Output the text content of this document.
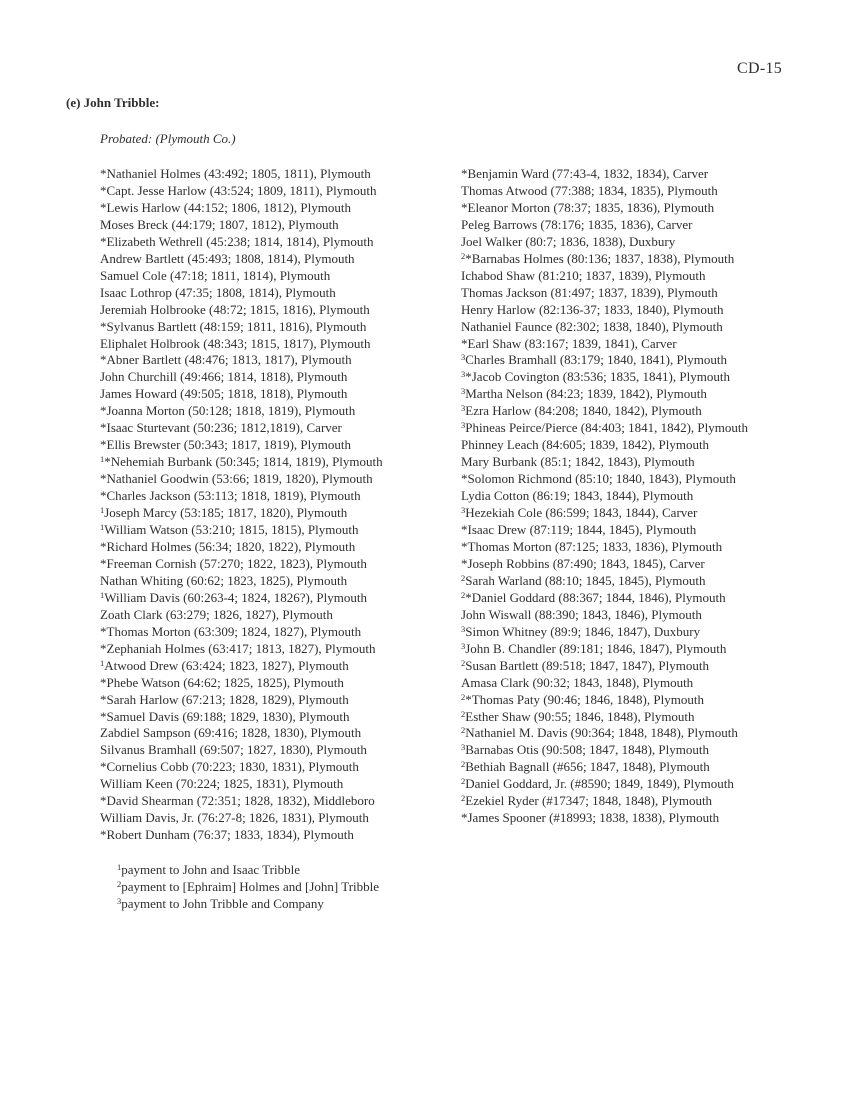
CD-15
(e) John Tribble:
Probated: (Plymouth Co.)
*Nathaniel Holmes (43:492; 1805, 1811), Plymouth
*Capt. Jesse Harlow (43:524; 1809, 1811), Plymouth
*Lewis Harlow (44:152; 1806, 1812), Plymouth
Moses Breck (44:179; 1807, 1812), Plymouth
*Elizabeth Wethrell (45:238; 1814, 1814), Plymouth
Andrew Bartlett (45:493; 1808, 1814), Plymouth
Samuel Cole (47:18; 1811, 1814), Plymouth
Isaac Lothrop (47:35; 1808, 1814), Plymouth
Jeremiah Holbrooke (48:72; 1815, 1816), Plymouth
*Sylvanus Bartlett (48:159; 1811, 1816), Plymouth
Eliphalet Holbrook (48:343; 1815, 1817), Plymouth
*Abner Bartlett (48:476; 1813, 1817), Plymouth
John Churchill (49:466; 1814, 1818), Plymouth
James Howard (49:505; 1818, 1818), Plymouth
*Joanna Morton (50:128; 1818, 1819), Plymouth
*Isaac Sturtevant (50:236; 1812,1819), Carver
*Ellis Brewster (50:343; 1817, 1819), Plymouth
$^1$*Nehemiah Burbank (50:345; 1814, 1819), Plymouth
*Nathaniel Goodwin (53:66; 1819, 1820), Plymouth
*Charles Jackson (53:113; 1818, 1819), Plymouth
$^1$Joseph Marcy (53:185; 1817, 1820), Plymouth
$^1$William Watson (53:210; 1815, 1815), Plymouth
*Richard Holmes (56:34; 1820, 1822), Plymouth
*Freeman Cornish (57:270; 1822, 1823), Plymouth
Nathan Whiting (60:62; 1823, 1825), Plymouth
$^1$William Davis (60:263-4; 1824, 1826?), Plymouth
Zoath Clark (63:279; 1826, 1827), Plymouth
*Thomas Morton (63:309; 1824, 1827), Plymouth
*Zephaniah Holmes (63:417; 1813, 1827), Plymouth
$^1$Atwood Drew (63:424; 1823, 1827), Plymouth
*Phebe Watson (64:62; 1825, 1825), Plymouth
*Sarah Harlow (67:213; 1828, 1829), Plymouth
*Samuel Davis (69:188; 1829, 1830), Plymouth
Zabdiel Sampson (69:416; 1828, 1830), Plymouth
Silvanus Bramhall (69:507; 1827, 1830), Plymouth
*Cornelius Cobb (70:223; 1830, 1831), Plymouth
William Keen (70:224; 1825, 1831), Plymouth
*David Shearman (72:351; 1828, 1832), Middleboro
William Davis, Jr. (76:27-8; 1826, 1831), Plymouth
*Robert Dunham (76:37; 1833, 1834), Plymouth
*Benjamin Ward (77:43-4, 1832, 1834), Carver
Thomas Atwood (77:388; 1834, 1835), Plymouth
*Eleanor Morton (78:37; 1835, 1836), Plymouth
Peleg Barrows (78:176; 1835, 1836), Carver
Joel Walker (80:7; 1836, 1838), Duxbury
$^2$*Barnabas Holmes (80:136; 1837, 1838), Plymouth
Ichabod Shaw (81:210; 1837, 1839), Plymouth
Thomas Jackson (81:497; 1837, 1839), Plymouth
Henry Harlow (82:136-37; 1833, 1840), Plymouth
Nathaniel Faunce (82:302; 1838, 1840), Plymouth
*Earl Shaw (83:167; 1839, 1841), Carver
$^3$Charles Bramhall (83:179; 1840, 1841), Plymouth
$^3$*Jacob Covington (83:536; 1835, 1841), Plymouth
$^3$Martha Nelson (84:23; 1839, 1842), Plymouth
$^3$Ezra Harlow (84:208; 1840, 1842), Plymouth
$^3$Phineas Peirce/Pierce (84:403; 1841, 1842), Plymouth
Phinney Leach (84:605; 1839, 1842), Plymouth
Mary Burbank (85:1; 1842, 1843), Plymouth
*Solomon Richmond (85:10; 1840, 1843), Plymouth
Lydia Cotton (86:19; 1843, 1844), Plymouth
$^3$Hezekiah Cole (86:599; 1843, 1844), Carver
*Isaac Drew (87:119; 1844, 1845), Plymouth
*Thomas Morton (87:125; 1833, 1836), Plymouth
*Joseph Robbins (87:490; 1843, 1845), Carver
$^2$Sarah Warland (88:10; 1845, 1845), Plymouth
$^2$*Daniel Goddard (88:367; 1844, 1846), Plymouth
John Wiswall (88:390; 1843, 1846), Plymouth
$^3$Simon Whitney (89:9; 1846, 1847), Duxbury
$^3$John B. Chandler (89:181; 1846, 1847), Plymouth
$^2$Susan Bartlett (89:518; 1847, 1847), Plymouth
Amasa Clark (90:32; 1843, 1848), Plymouth
$^2$*Thomas Paty (90:46; 1846, 1848), Plymouth
$^2$Esther Shaw (90:55; 1846, 1848), Plymouth
$^2$Nathaniel M. Davis (90:364; 1848, 1848), Plymouth
$^3$Barnabas Otis (90:508; 1847, 1848), Plymouth
$^2$Bethiah Bagnall (#656; 1847, 1848), Plymouth
$^2$Daniel Goddard, Jr. (#8590; 1849, 1849), Plymouth
$^2$Ezekiel Ryder (#17347; 1848, 1848), Plymouth
*James Spooner (#18993; 1838, 1838), Plymouth
$^1$payment to John and Isaac Tribble
$^2$payment to [Ephraim] Holmes and [John] Tribble
$^3$payment to John Tribble and Company
